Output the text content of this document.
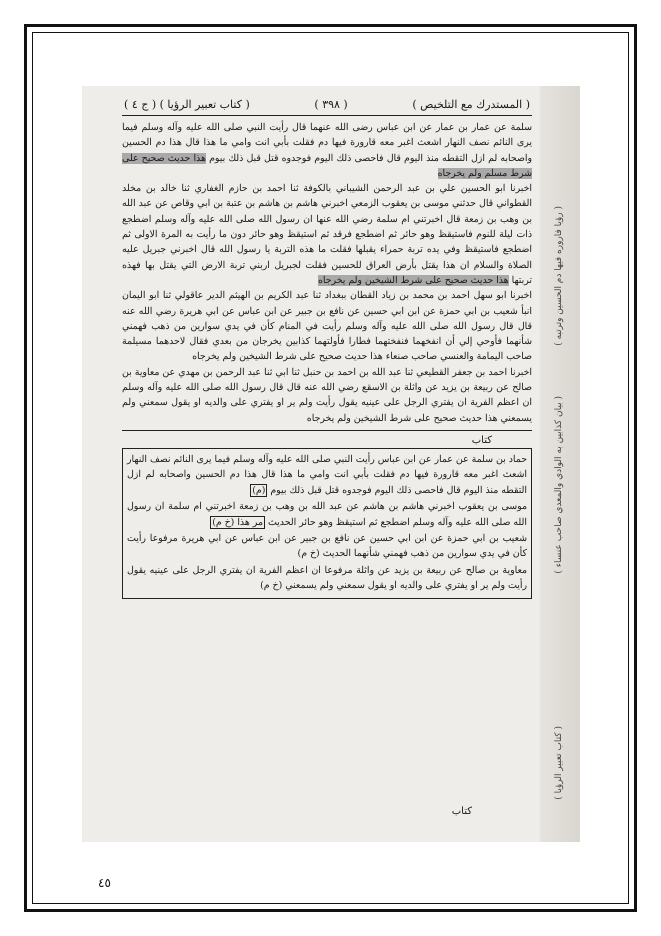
( رؤيا فاروره فيها دم الحسين وترتبه )
( بيان كذابين به الوادي والمعدي صاحب عنساء )
( كتاب تعبير الرؤيا )
( المستدرك مع التلخيص )
( ٣٩٨ )
( كتاب تعبير الرؤيا ) ( ج ٤ )

سلمة عن عمار بن عمار عن ابن عباس رضى الله عنهما قال رأيت النبي صلى الله عليه وآله وسلم فيما يرى النائم نصف النهار اشعث اغبر معه قارورة فيها دم فقلت بأبي انت وامي ما هذا قال هذا دم الحسين واصحابه لم ازل التقطه منذ اليوم قال فاحصى ذلك اليوم فوجدوه قتل قبل ذلك بيوم هذا حديث صحيح على شرط مسلم ولم يخرجاه

اخبرنا ابو الحسين علي بن عبد الرحمن الشيباني بالكوفة ثنا احمد بن حازم الغفاري ثنا خالد بن مخلد القطواني قال حدثني موسى بن يعقوب الزمعي اخبرني هاشم بن هاشم بن عتبة بن ابي وقاص عن عبد الله بن وهب بن زمعة قال اخبرتني ام سلمة رضي الله عنها ان رسول الله صلى الله عليه وآله وسلم اضطجع ذات ليلة للنوم فاستيقظ وهو حائر ثم اضطجع فرقد ثم استيقظ وهو حائر دون ما رأيت به المرة الاولى ثم اضطجع فاستيقظ وفي يده تربة حمراء يقبلها فقلت ما هذه التربة يا رسول الله قال اخبرني جبريل عليه الصلاة والسلام ان هذا يقتل بأرض العراق للحسين فقلت لجبريل اربني تربة الارض التي يقتل بها فهذه تربتها هذا حديث صحيح على شرط الشيخين ولم يخرجاه

اخبرنا ابو سهل احمد بن محمد بن زياد القطان ببغداد ثنا عبد الكريم بن الهيثم الدير عاقولي ثنا ابو اليمان انبأ شعيب بن ابي حمزة عن ابن ابي حسين عن نافع بن جبير عن ابن عباس عن ابي هريرة رضي الله عنه قال قال رسول الله صلى الله عليه وآله وسلم رأيت في المنام كأن في يدي سوارين من ذهب فهمني شأنهما فأوحي إلي أن انفخهما فنفختهما فطارا فأولتهما كذابين يخرجان من بعدي فقال لاحدهما مسيلمة صاحب اليمامة والعنسي صاحب صنعاء هذا حديث صحيح على شرط الشيخين ولم يخرجاه

اخبرنا احمد بن جعفر القطيعي ثنا عبد الله بن احمد بن حنبل ثنا ابي ثنا عبد الرحمن بن مهدي عن معاوية بن صالح عن ربيعة بن يزيد عن واثلة بن الاسقع رضي الله عنه قال قال رسول الله صلى الله عليه وآله وسلم ان اعظم الفرية ان يفتري الرجل على عينيه يقول رأيت ولم ير او يفتري على والديه او يقول سمعني ولم يسمعني هذا حديث صحيح على شرط الشيخين ولم يخرجاه

كتاب

حماد بن سلمة عن عمار عن ابن عباس رأيت النبي صلى الله عليه وآله وسلم فيما يرى النائم نصف النهار اشعث اغبر معه قارورة فيها دم فقلت بأبي انت وامي ما هذا قال هذا دم الحسين واصحابه لم ازل التقطه منذ اليوم قال فاحصى ذلك اليوم فوجدوه قتل قبل ذلك بيوم (م)

موسى بن يعقوب اخبرني هاشم بن هاشم عن عبد الله بن وهب بن زمعة اخبرتني ام سلمة ان رسول الله صلى الله عليه وآله وسلم اضطجع ثم استيقظ وهو حائر الحديث مر هذا (خ م)

شعيب بن ابي حمزة عن ابن ابي حسين عن نافع بن جبير عن ابن عباس عن ابي هريرة مرفوعا رأيت كأن في يدي سوارين من ذهب فهمني شأنهما الحديث (خ م)

معاوية بن صالح عن ربيعة بن يزيد عن واثلة مرفوعا ان اعظم الفرية ان يفتري الرجل على عينيه يقول رأيت ولم ير او يفتري على والديه او يقول سمعني ولم يسمعني (خ م)

كتاب
٤٥
